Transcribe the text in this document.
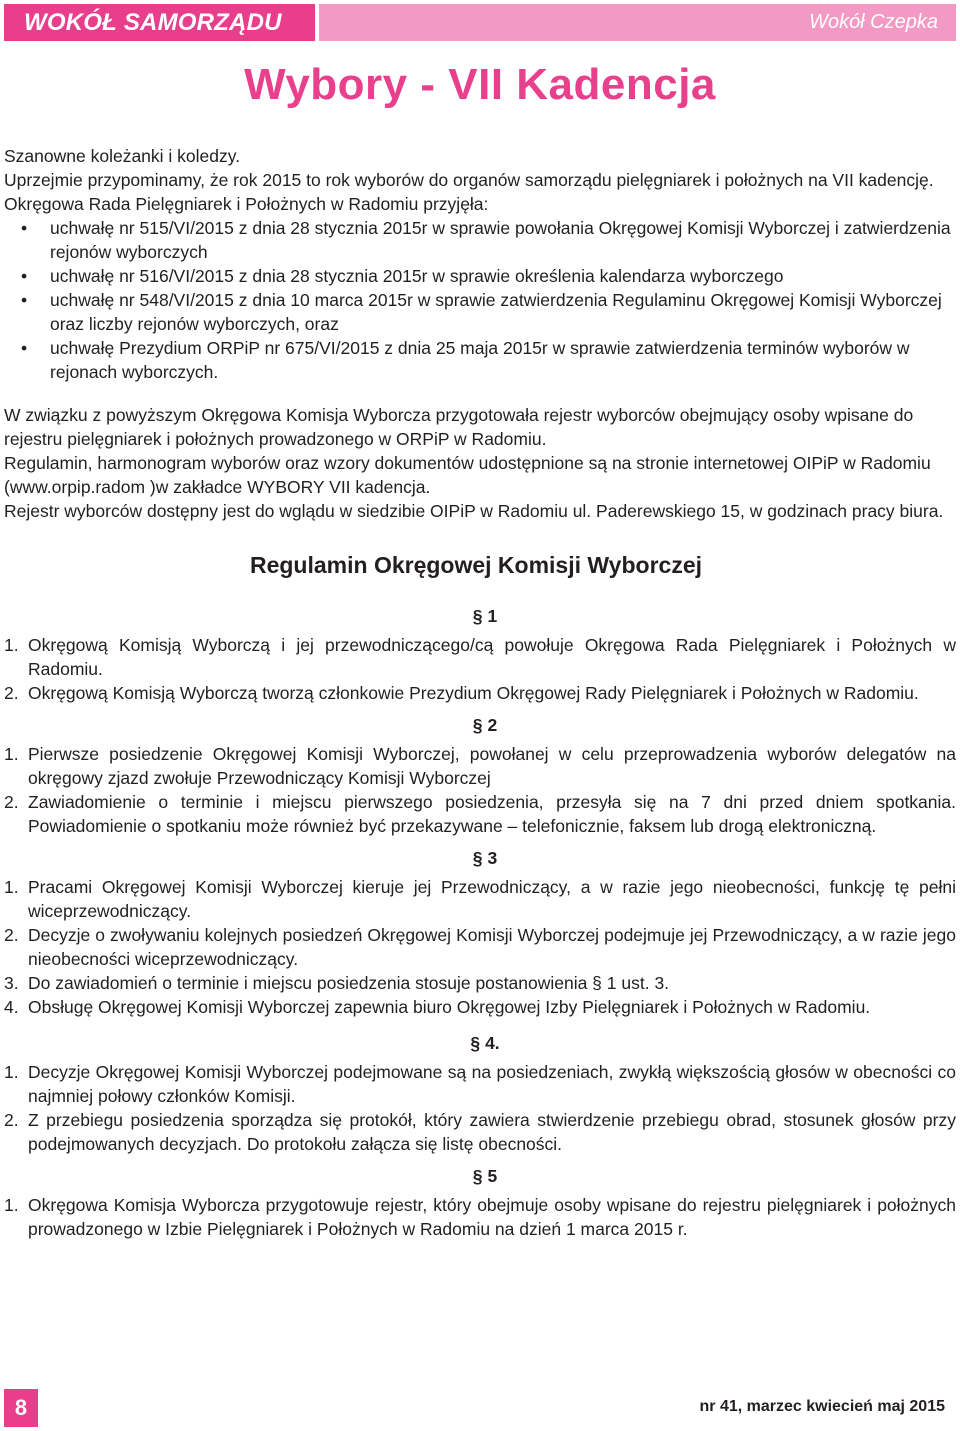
WOKÓŁ SAMORZĄDU	Wokół Czepka
Wybory - VII Kadencja

Szanowne koleżanki i koledzy.

Uprzejmie przypominamy, że rok 2015 to rok wyborów do organów samorządu pielęgniarek i położnych na VII kadencję.

Okręgowa Rada Pielęgniarek i Położnych w Radomiu przyjęła:

• uchwałę nr 515/VI/2015 z dnia 28 stycznia 2015r w sprawie powołania Okręgowej Komisji Wyborczej i zatwierdzenia rejonów wyborczych
• uchwałę nr 516/VI/2015 z dnia 28 stycznia 2015r w sprawie określenia kalendarza wyborczego
• uchwałę nr 548/VI/2015 z dnia 10 marca 2015r w sprawie zatwierdzenia Regulaminu Okręgowej Komisji Wyborczej oraz liczby rejonów wyborczych, oraz
• uchwałę Prezydium ORPiP nr 675/VI/2015 z dnia 25 maja 2015r w sprawie zatwierdzenia terminów wyborów w rejonach wyborczych.

W związku z powyższym Okręgowa Komisja Wyborcza przygotowała rejestr wyborców obejmujący osoby wpisane do rejestru pielęgniarek i położnych prowadzonego w ORPiP w Radomiu.

Regulamin, harmonogram wyborów oraz wzory dokumentów udostępnione są na stronie internetowej OIPiP w Radomiu (www.orpip.radom )w zakładce WYBORY VII kadencja.

Rejestr wyborców dostępny jest do wglądu w siedzibie OIPiP w Radomiu ul. Paderewskiego 15, w godzinach pracy biura.

Regulamin Okręgowej Komisji Wyborczej
§ 1
1. Okręgową Komisją Wyborczą i jej przewodniczącego/cą powołuje Okręgowa Rada Pielęgniarek i Położnych w Radomiu.
2. Okręgową Komisją Wyborczą tworzą członkowie Prezydium Okręgowej Rady Pielęgniarek i Położnych w Radomiu.
§ 2
1. Pierwsze posiedzenie Okręgowej Komisji Wyborczej, powołanej w celu przeprowadzenia wyborów delegatów na okręgowy zjazd zwołuje Przewodniczący Komisji Wyborczej
2. Zawiadomienie o terminie i miejscu pierwszego posiedzenia, przesyła się na 7 dni przed dniem spotkania. Powiadomienie o spotkaniu może również być przekazywane – telefonicznie, faksem lub drogą elektroniczną.
§ 3
1. Pracami Okręgowej Komisji Wyborczej kieruje jej Przewodniczący, a w razie jego nieobecności, funkcję tę pełni wiceprzewodniczący.
2. Decyzje o zwoływaniu kolejnych posiedzeń Okręgowej Komisji Wyborczej podejmuje jej Przewodniczący, a w razie jego nieobecności wiceprzewodniczący.
3. Do zawiadomień o terminie i miejscu posiedzenia stosuje postanowienia § 1 ust. 3.
4. Obsługę Okręgowej Komisji Wyborczej zapewnia biuro Okręgowej Izby Pielęgniarek i Położnych w Radomiu.
§ 4.
1. Decyzje Okręgowej Komisji Wyborczej podejmowane są na posiedzeniach, zwykłą większością głosów w obecności co najmniej połowy członków Komisji.
2. Z przebiegu posiedzenia sporządza się protokół, który zawiera stwierdzenie przebiegu obrad, stosunek głosów przy podejmowanych decyzjach. Do protokołu załącza się listę obecności.
§ 5
1. Okręgowa Komisja Wyborcza przygotowuje rejestr, który obejmuje osoby wpisane do rejestru pielęgniarek i położnych prowadzonego w Izbie Pielęgniarek i Położnych w Radomiu na dzień 1 marca 2015 r.
8	nr 41, marzec kwiecień maj 2015
